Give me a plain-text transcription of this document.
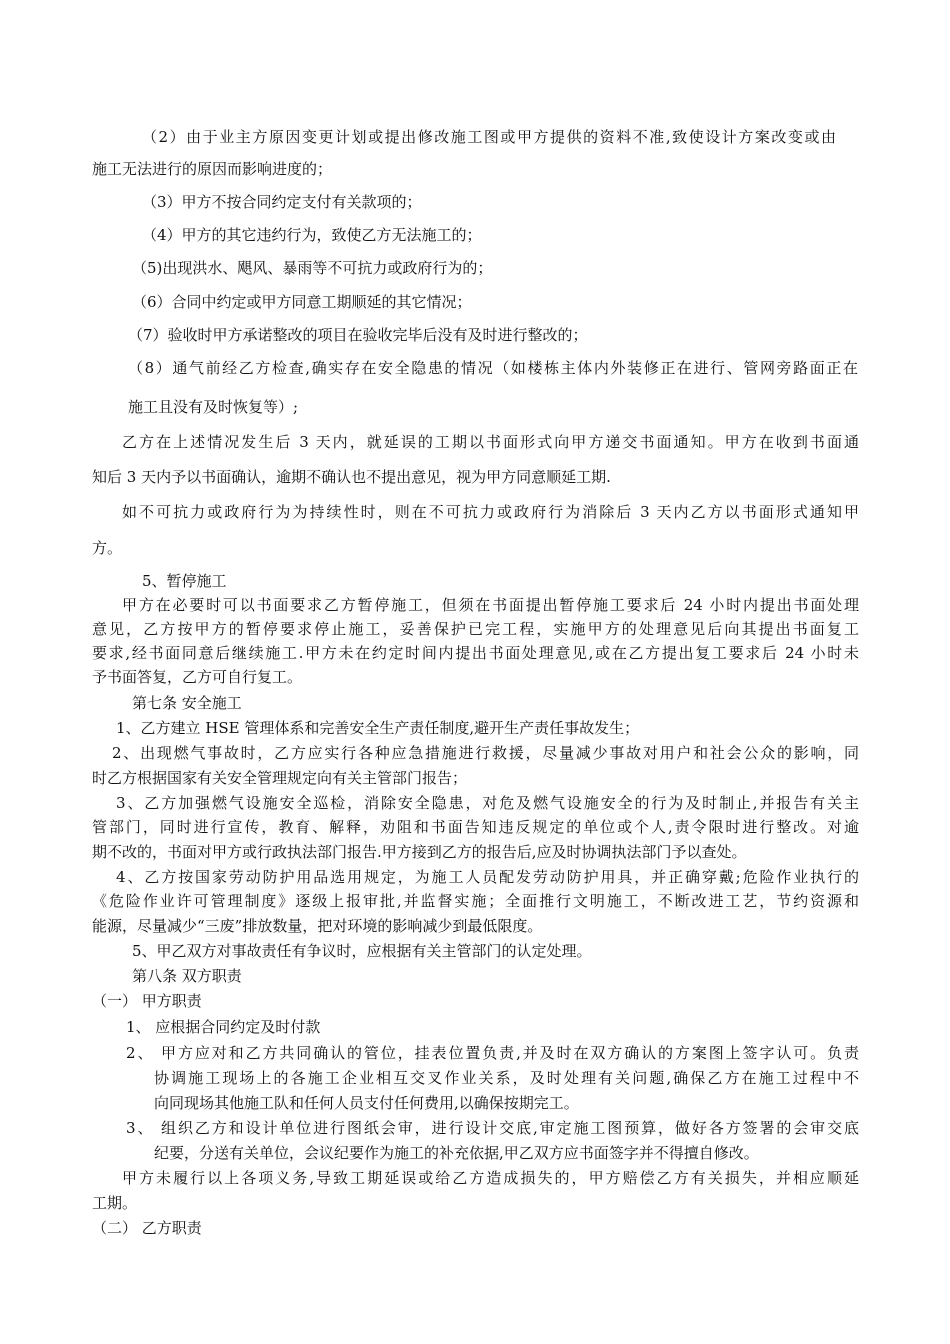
（2）由于业主方原因变更计划或提出修改施工图或甲方提供的资料不准,致使设计方案改变或由
施工无法进行的原因而影响进度的；
（3）甲方不按合同约定支付有关款项的；
（4）甲方的其它违约行为，致使乙方无法施工的；
（5)出现洪水、飓风、暴雨等不可抗力或政府行为的；
（6）合同中约定或甲方同意工期顺延的其它情况；
（7）验收时甲方承诺整改的项目在验收完毕后没有及时进行整改的；
（8）通气前经乙方检查,确实存在安全隐患的情况（如楼栋主体内外装修正在进行、管网旁路面正在
施工且没有及时恢复等）;
乙方在上述情况发生后 3 天内，就延误的工期以书面形式向甲方递交书面通知。甲方在收到书面通
知后 3 天内予以书面确认，逾期不确认也不提出意见，视为甲方同意顺延工期.
如不可抗力或政府行为为持续性时，则在不可抗力或政府行为消除后 3 天内乙方以书面形式通知甲
方。
5、暂停施工
甲方在必要时可以书面要求乙方暂停施工，但须在书面提出暂停施工要求后 24 小时内提出书面处理
意见，乙方按甲方的暂停要求停止施工，妥善保护已完工程，实施甲方的处理意见后向其提出书面复工
要求,经书面同意后继续施工.甲方未在约定时间内提出书面处理意见,或在乙方提出复工要求后 24 小时未
予书面答复，乙方可自行复工。
第七条 安全施工
1、乙方建立 HSE 管理体系和完善安全生产责任制度,避开生产责任事故发生；
2、出现燃气事故时，乙方应实行各种应急措施进行救援，尽量减少事故对用户和社会公众的影响，同
时乙方根据国家有关安全管理规定向有关主管部门报告；
3、乙方加强燃气设施安全巡检，消除安全隐患，对危及燃气设施安全的行为及时制止,并报告有关主
管部门，同时进行宣传，教育、解释，劝阻和书面告知违反规定的单位或个人,责令限时进行整改。对逾
期不改的，书面对甲方或行政执法部门报告.甲方接到乙方的报告后,应及时协调执法部门予以查处。
4、乙方按国家劳动防护用品选用规定，为施工人员配发劳动防护用具，并正确穿戴;危险作业执行的
《危险作业许可管理制度》逐级上报审批,并监督实施；全面推行文明施工，不断改进工艺，节约资源和
能源，尽量减少“三废”排放数量，把对环境的影响减少到最低限度。
5、甲乙双方对事故责任有争议时，应根据有关主管部门的认定处理。
第八条 双方职责
（一） 甲方职责
1、 应根据合同约定及时付款
2、 甲方应对和乙方共同确认的管位，挂表位置负责,并及时在双方确认的方案图上签字认可。负责
协调施工现场上的各施工企业相互交叉作业关系，及时处理有关问题,确保乙方在施工过程中不
向同现场其他施工队和任何人员支付任何费用,以确保按期完工。
3、 组织乙方和设计单位进行图纸会审，进行设计交底,审定施工图预算，做好各方签署的会审交底
纪要，分送有关单位，会议纪要作为施工的补充依据,甲乙双方应书面签字并不得擅自修改。
甲方未履行以上各项义务,导致工期延误或给乙方造成损失的，甲方赔偿乙方有关损失，并相应顺延
工期。
（二） 乙方职责
